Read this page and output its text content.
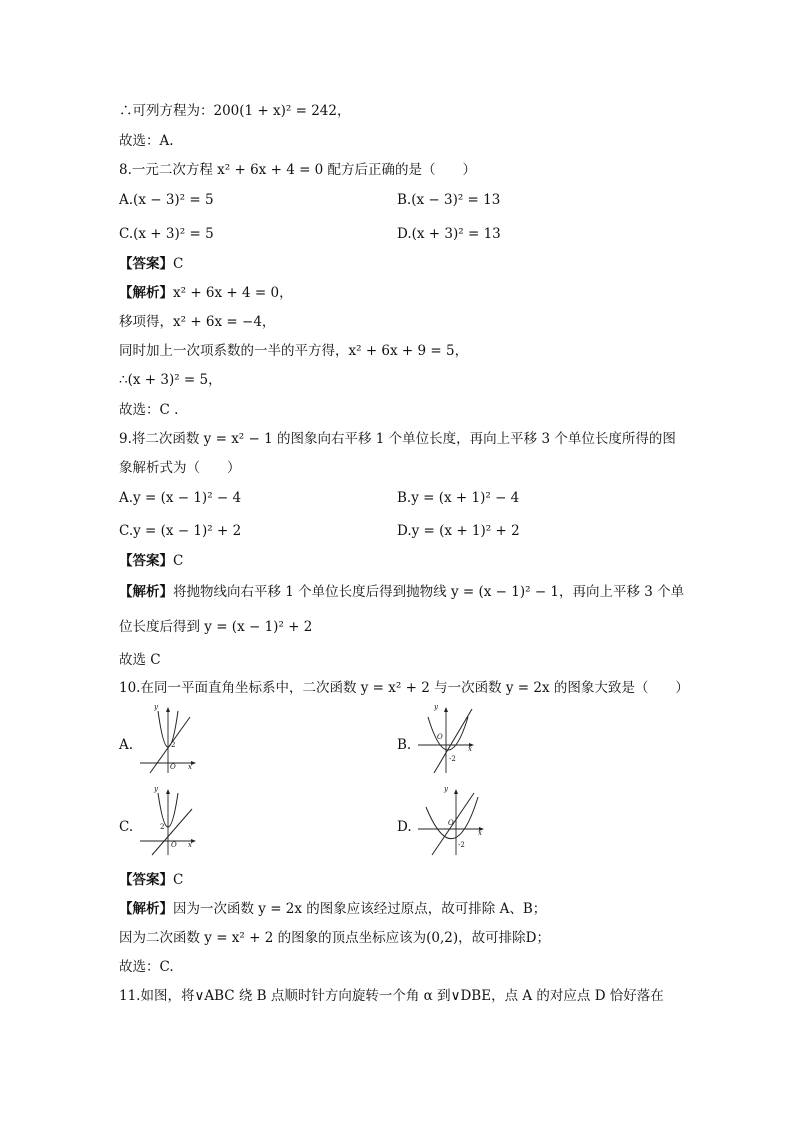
∴可列方程为：200(1 + x)² = 242，
故选：A.
8.一元二次方程 x² + 6x + 4 = 0 配方后正确的是（　　）
A.(x − 3)² = 5	B.(x − 3)² = 13
C.(x + 3)² = 5	D.(x + 3)² = 13
【答案】C
【解析】x² + 6x + 4 = 0，
移项得，x² + 6x = −4，
同时加上一次项系数的一半的平方得，x² + 6x + 9 = 5，
∴(x + 3)² = 5，
故选：C .
9.将二次函数 y = x² − 1 的图象向右平移 1 个单位长度，再向上平移 3 个单位长度所得的图
象解析式为（　　）
A.y = (x − 1)² − 4	B.y = (x + 1)² − 4
C.y = (x − 1)² + 2	D.y = (x + 1)² + 2
【答案】C
【解析】将抛物线向右平移 1 个单位长度后得到抛物线 y = (x − 1)² − 1，再向上平移 3 个单
位长度后得到 y = (x − 1)² + 2
故选 C
10.在同一平面直角坐标系中，二次函数 y = x² + 2 与一次函数 y = 2x 的图象大致是（　　）
A.
y
2
O x
B.
y
O
x
-2
C.
y
2
O x
D.
y
O
x
-2
【答案】C
【解析】因为一次函数 y = 2x 的图象应该经过原点，故可排除 A、B；
因为二次函数 y = x² + 2 的图象的顶点坐标应该为(0,2)，故可排除D；
故选：C.
11.如图，将∨ABC 绕 B 点顺时针方向旋转一个角 α 到∨DBE，点 A 的对应点 D 恰好落在
